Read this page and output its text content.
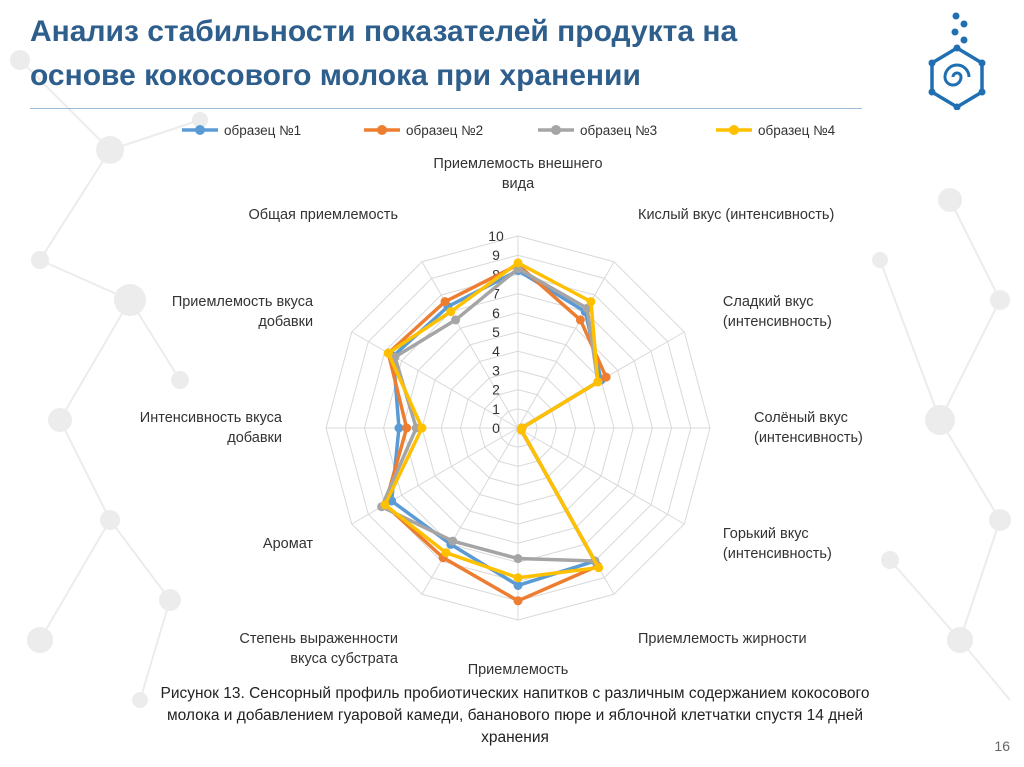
Анализ стабильности показателей продукта на основе кокосового молока при хранении
образец №1	образец №2	образец №3	образец №4
0
1
2
3
4
5
6
7
8
9
10
Приемлемость внешнего вида
Кислый вкус (интенсивность)
Сладкий вкус (интенсивность)
Солёный вкус (интенсивность)
Горький вкус (интенсивность)
Приемлемость жирности
Приемлемость
Степень выраженности вкуса субстрата
Аромат
Интенсивность вкуса добавки
Приемлемость вкуса добавки
Общая приемлемость
Рисунок 13. Сенсорный профиль пробиотических напитков с различным содержанием кокосового молока и добавлением гуаровой камеди, бананового пюре и яблочной клетчатки спустя 14 дней хранения	16
